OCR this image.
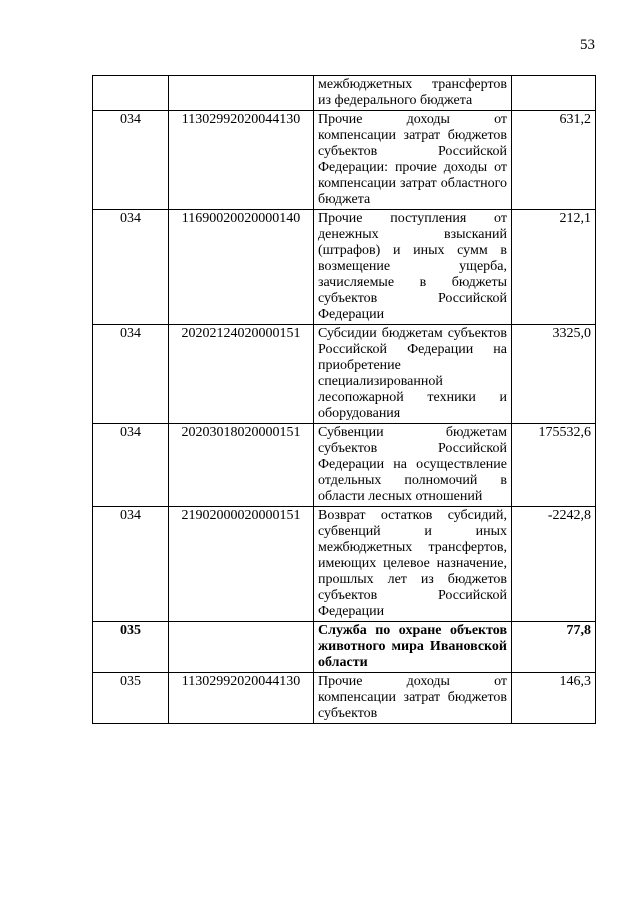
53
		межбюджетных трансфертов из федерального бюджета	
034	11302992020044130	Прочие доходы от компенсации затрат бюджетов субъектов Российской Федерации: прочие доходы от компенсации затрат областного бюджета	631,2
034	11690020020000140	Прочие поступления от денежных взысканий (штрафов) и иных сумм в возмещение ущерба, зачисляемые в бюджеты субъектов Российской Федерации	212,1
034	20202124020000151	Субсидии бюджетам субъектов Российской Федерации на приобретение специализированной лесопожарной техники и оборудования	3325,0
034	20203018020000151	Субвенции бюджетам субъектов Российской Федерации на осуществление отдельных полномочий в области лесных отношений	175532,6
034	21902000020000151	Возврат остатков субсидий, субвенций и иных межбюджетных трансфертов, имеющих целевое назначение, прошлых лет из бюджетов субъектов Российской Федерации	-2242,8
035		Служба по охране объектов животного мира Ивановской области	77,8
035	11302992020044130	Прочие доходы от компенсации затрат бюджетов субъектов	146,3
